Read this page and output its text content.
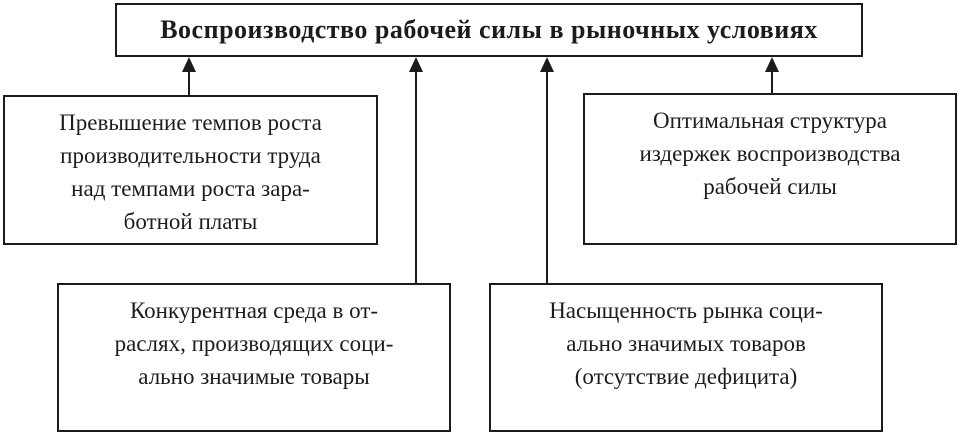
Воспроизводство рабочей силы в рыночных условиях
Превышение темпов роста
производительности труда
над темпами роста зара-
ботной платы
Оптимальная структура
издержек воспроизводства
рабочей силы
Конкурентная среда в от-
раслях, производящих соци-
ально значимые товары
Насыщенность рынка соци-
ально значимых товаров
(отсутствие дефицита)
